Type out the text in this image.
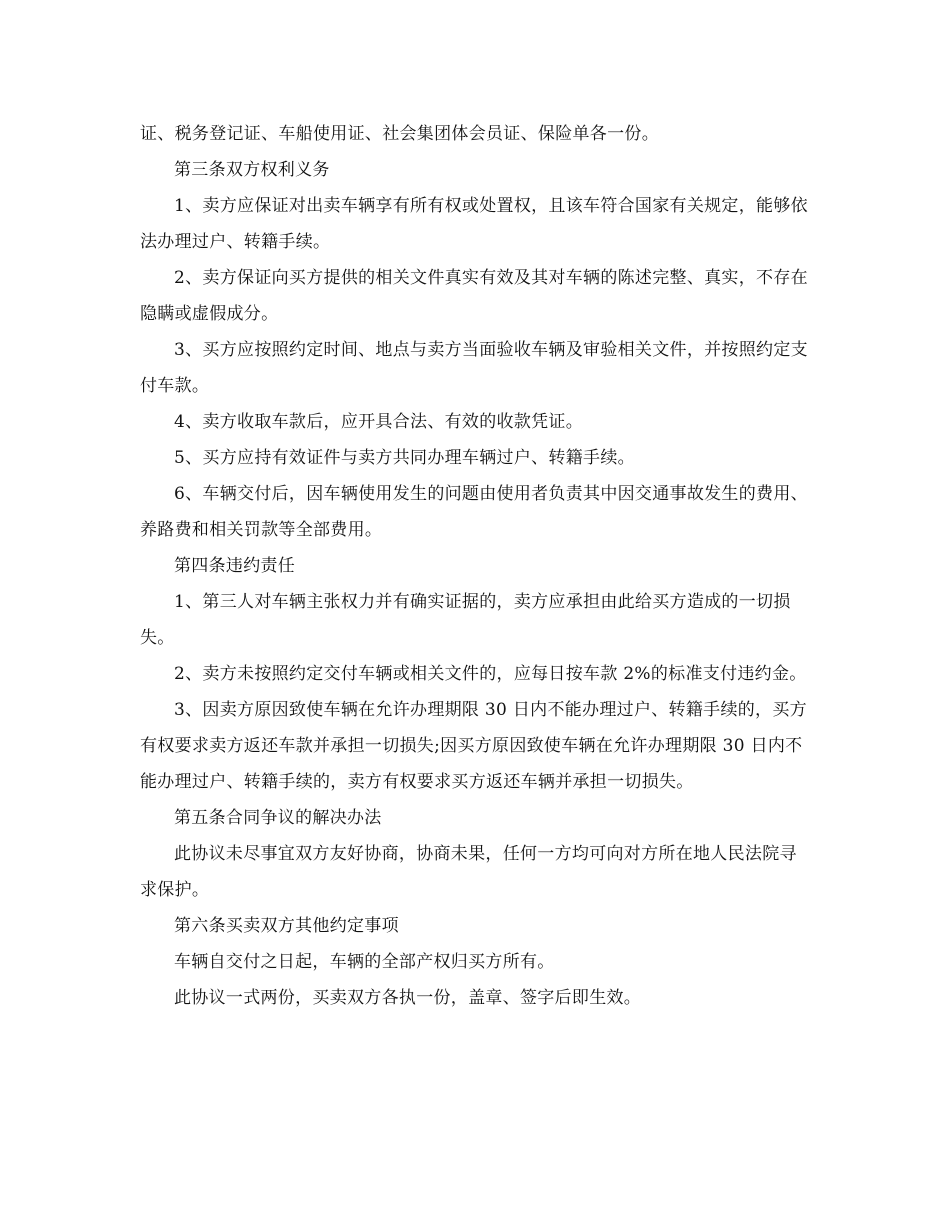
证、税务登记证、车船使用证、社会集团体会员证、保险单各一份。

第三条双方权利义务

1、卖方应保证对出卖车辆享有所有权或处置权，且该车符合国家有关规定，能够依法办理过户、转籍手续。

2、卖方保证向买方提供的相关文件真实有效及其对车辆的陈述完整、真实，不存在隐瞒或虚假成分。

3、买方应按照约定时间、地点与卖方当面验收车辆及审验相关文件，并按照约定支付车款。

4、卖方收取车款后，应开具合法、有效的收款凭证。

5、买方应持有效证件与卖方共同办理车辆过户、转籍手续。

6、车辆交付后，因车辆使用发生的问题由使用者负责其中因交通事故发生的费用、养路费和相关罚款等全部费用。

第四条违约责任

1、第三人对车辆主张权力并有确实证据的，卖方应承担由此给买方造成的一切损失。

2、卖方未按照约定交付车辆或相关文件的，应每日按车款 2%的标准支付违约金。

3、因卖方原因致使车辆在允许办理期限 30 日内不能办理过户、转籍手续的，买方有权要求卖方返还车款并承担一切损失;因买方原因致使车辆在允许办理期限 30 日内不能办理过户、转籍手续的，卖方有权要求买方返还车辆并承担一切损失。

第五条合同争议的解决办法

此协议未尽事宜双方友好协商，协商未果，任何一方均可向对方所在地人民法院寻求保护。

第六条买卖双方其他约定事项

车辆自交付之日起，车辆的全部产权归买方所有。

此协议一式两份，买卖双方各执一份，盖章、签字后即生效。
